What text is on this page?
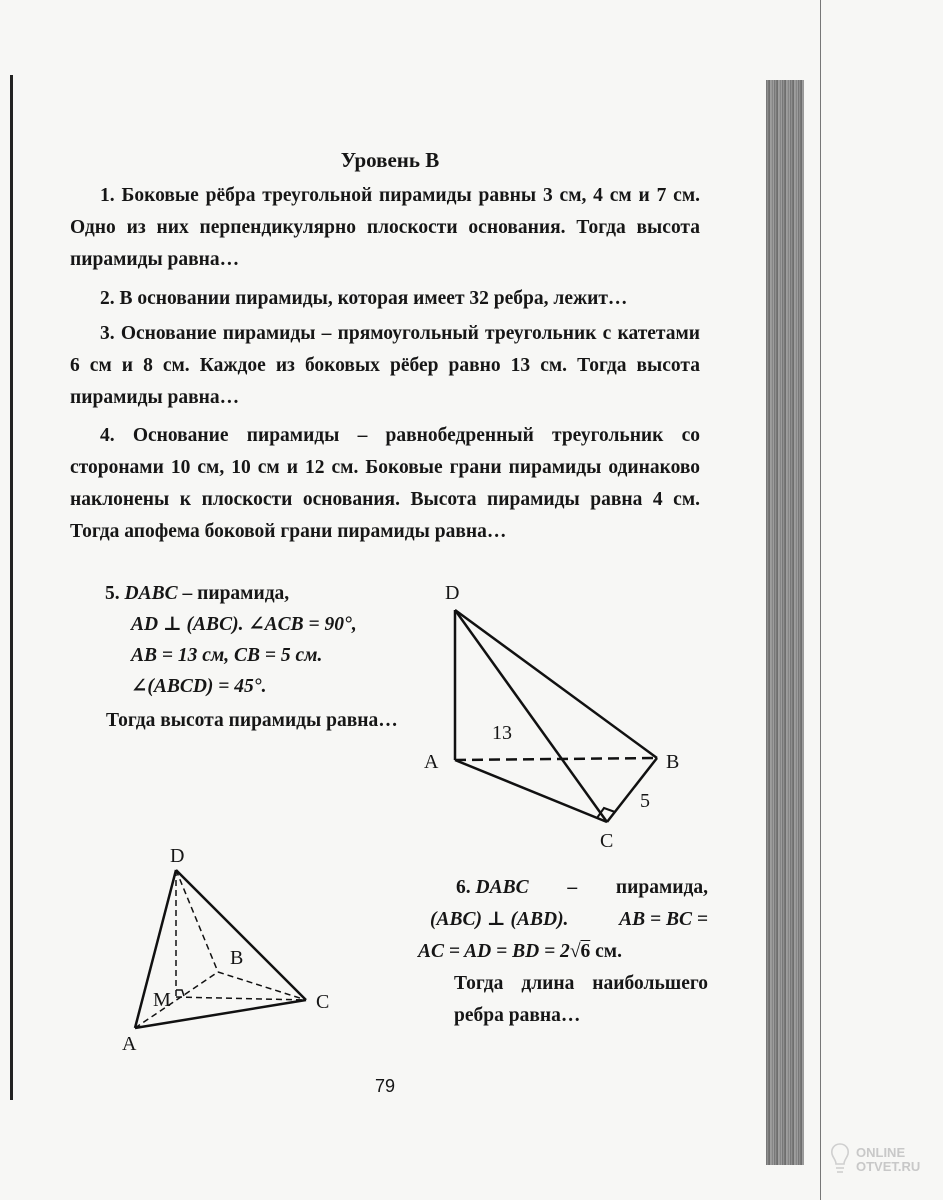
Уровень В
1. Боковые рёбра треугольной пирамиды равны 3 см, 4 см и 7 см. Одно из них перпендикулярно плоскости основания. Тогда высота пирамиды равна…
2. В основании пирамиды, которая имеет 32 ребра, лежит…
3. Основание пирамиды – прямоугольный треугольник с катетами 6 см и 8 см. Каждое из боковых рёбер равно 13 см. Тогда высота пирамиды равна…
4. Основание пирамиды – равнобедренный треугольник со сторонами 10 см, 10 см и 12 см. Боковые грани пирамиды одинаково наклонены к плоскости основания. Высота пирамиды равна 4 см. Тогда апофема боковой грани пирамиды равна…
5. DABC – пирамида,
AD ⊥ (ABC). ∠ACB = 90°,
AB = 13 см, CB = 5 см.
∠(ABCD) = 45°.
Тогда высота пирамиды равна…
D
A	B
C
13
5
D
A
B
C
M
6. DABC – пирамида,
(ABC) ⊥ (ABD).	AB = BC =
AC = AD = BD = 2√6 см.
Тогда длина наибольшего ребра равна…
79
ONLINE
OTVET.RU
